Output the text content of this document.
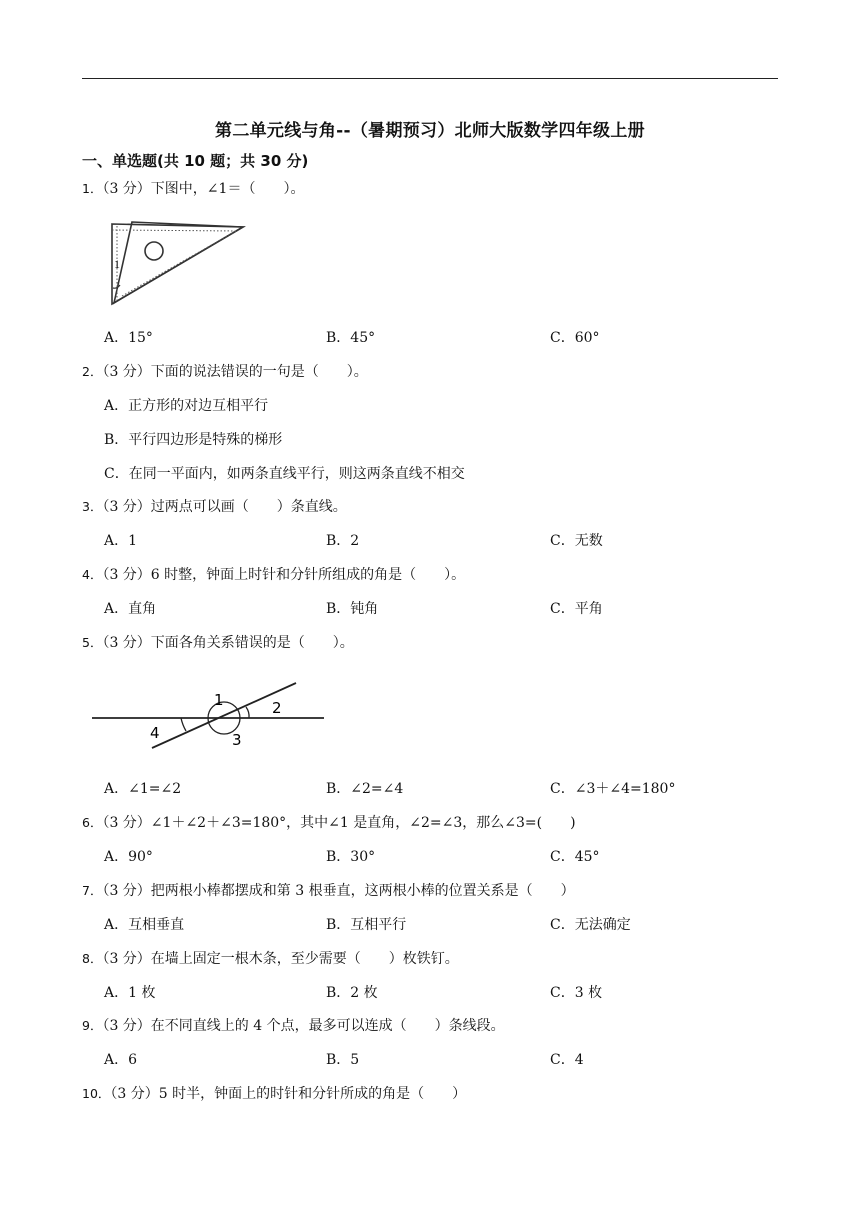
第二单元线与角--（暑期预习）北师大版数学四年级上册
一、单选题(共 10 题；共 30 分)
1．（3 分）下图中，∠1＝（　　）。
1
A．15°	B．45°	C．60°
2．（3 分）下面的说法错误的一句是（　　）。
A．正方形的对边互相平行
B．平行四边形是特殊的梯形
C．在同一平面内，如两条直线平行，则这两条直线不相交
3．（3 分）过两点可以画（　　）条直线。
A．1	B．2	C．无数
4．（3 分）6 时整，钟面上时针和分针所组成的角是（　　）。
A．直角	B．钝角	C．平角
5．（3 分）下面各角关系错误的是（　　）。
1	2
3
4
A．∠1=∠2	B．∠2=∠4	C．∠3＋∠4=180°
6．（3 分）∠1＋∠2＋∠3=180°，其中∠1 是直角，∠2=∠3，那么∠3=(　　)
A．90°	B．30°	C．45°
7．（3 分）把两根小棒都摆成和第 3 根垂直，这两根小棒的位置关系是（　　）
A．互相垂直	B．互相平行	C．无法确定
8．（3 分）在墙上固定一根木条，至少需要（　　）枚铁钉。
A．1 枚	B．2 枚	C．3 枚
9．（3 分）在不同直线上的 4 个点，最多可以连成（　　）条线段。
A．6	B．5	C．4
10．（3 分）5 时半，钟面上的时针和分针所成的角是（　　）
